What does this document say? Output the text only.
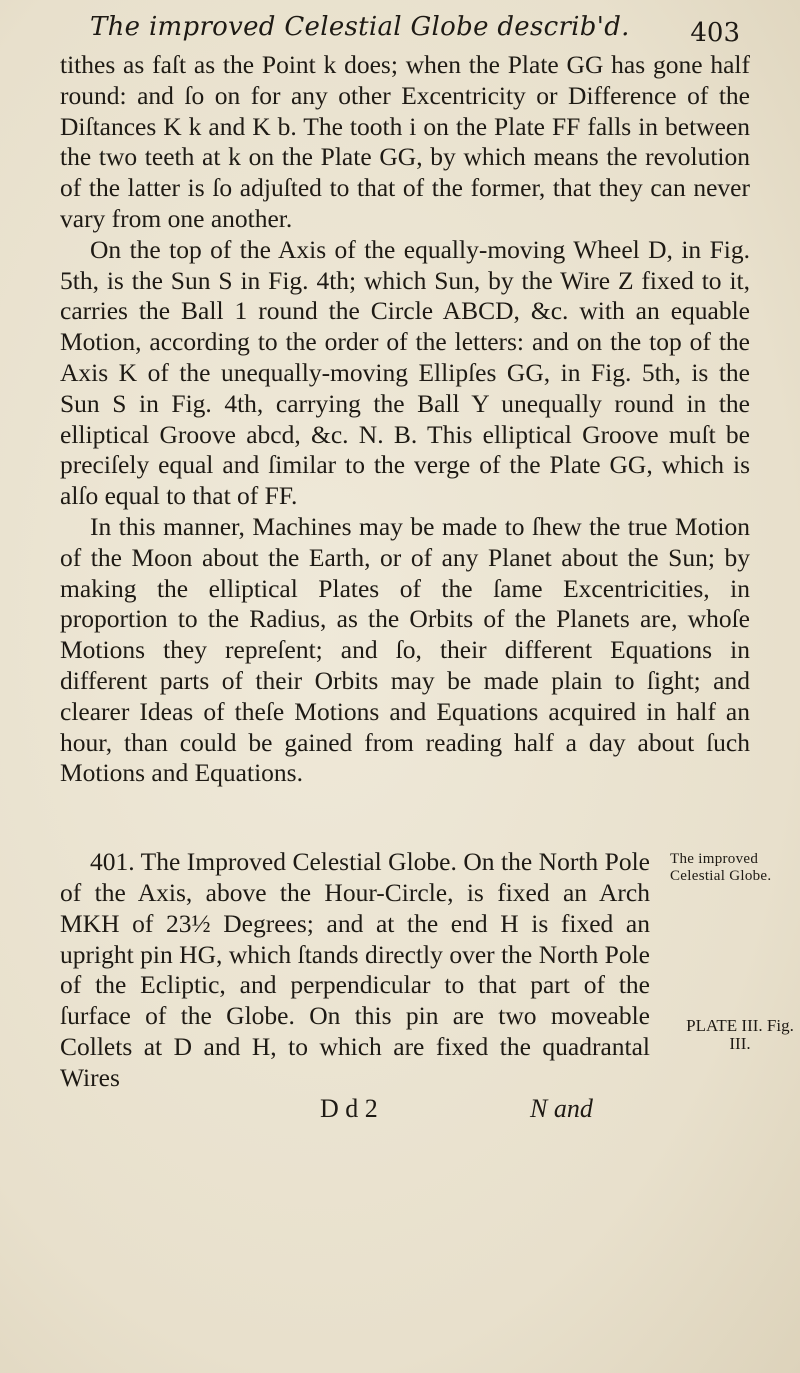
The improved Celestial Globe describ'd. 403

tithes as faſt as the Point k does; when the Plate GG has gone half round: and ſo on for any other Excentricity or Difference of the Diſtances K k and K b. The tooth i on the Plate FF falls in between the two teeth at k on the Plate GG, by which means the revolution of the latter is ſo adjuſted to that of the former, that they can never vary from one another.

On the top of the Axis of the equally-moving Wheel D, in Fig. 5th, is the Sun S in Fig. 4th; which Sun, by the Wire Z fixed to it, carries the Ball 1 round the Circle ABCD, &c. with an equable Motion, according to the order of the letters: and on the top of the Axis K of the unequally-moving Ellipſes GG, in Fig. 5th, is the Sun S in Fig. 4th, carrying the Ball Y unequally round in the elliptical Groove abcd, &c. N. B. This elliptical Groove muſt be preciſely equal and ſimilar to the verge of the Plate GG, which is alſo equal to that of FF.

In this manner, Machines may be made to ſhew the true Motion of the Moon about the Earth, or of any Planet about the Sun; by making the elliptical Plates of the ſame Excentricities, in proportion to the Radius, as the Orbits of the Planets are, whoſe Motions they repreſent; and ſo, their different Equations in different parts of their Orbits may be made plain to ſight; and clearer Ideas of theſe Motions and Equations acquired in half an hour, than could be gained from reading half a day about ſuch Motions and Equations.

401. The Improved Celestial Globe. On the North Pole of the Axis, above the Hour-Circle, is fixed an Arch MKH of 23½ Degrees; and at the end H is fixed an upright pin HG, which ſtands directly over the North Pole of the Ecliptic, and perpendicular to that part of the ſurface of the Globe. On this pin are two moveable Collets at D and H, to which are fixed the quadrantal Wires

The improved Celestial Globe.
PLATE III. Fig. III.
D d 2	N and
